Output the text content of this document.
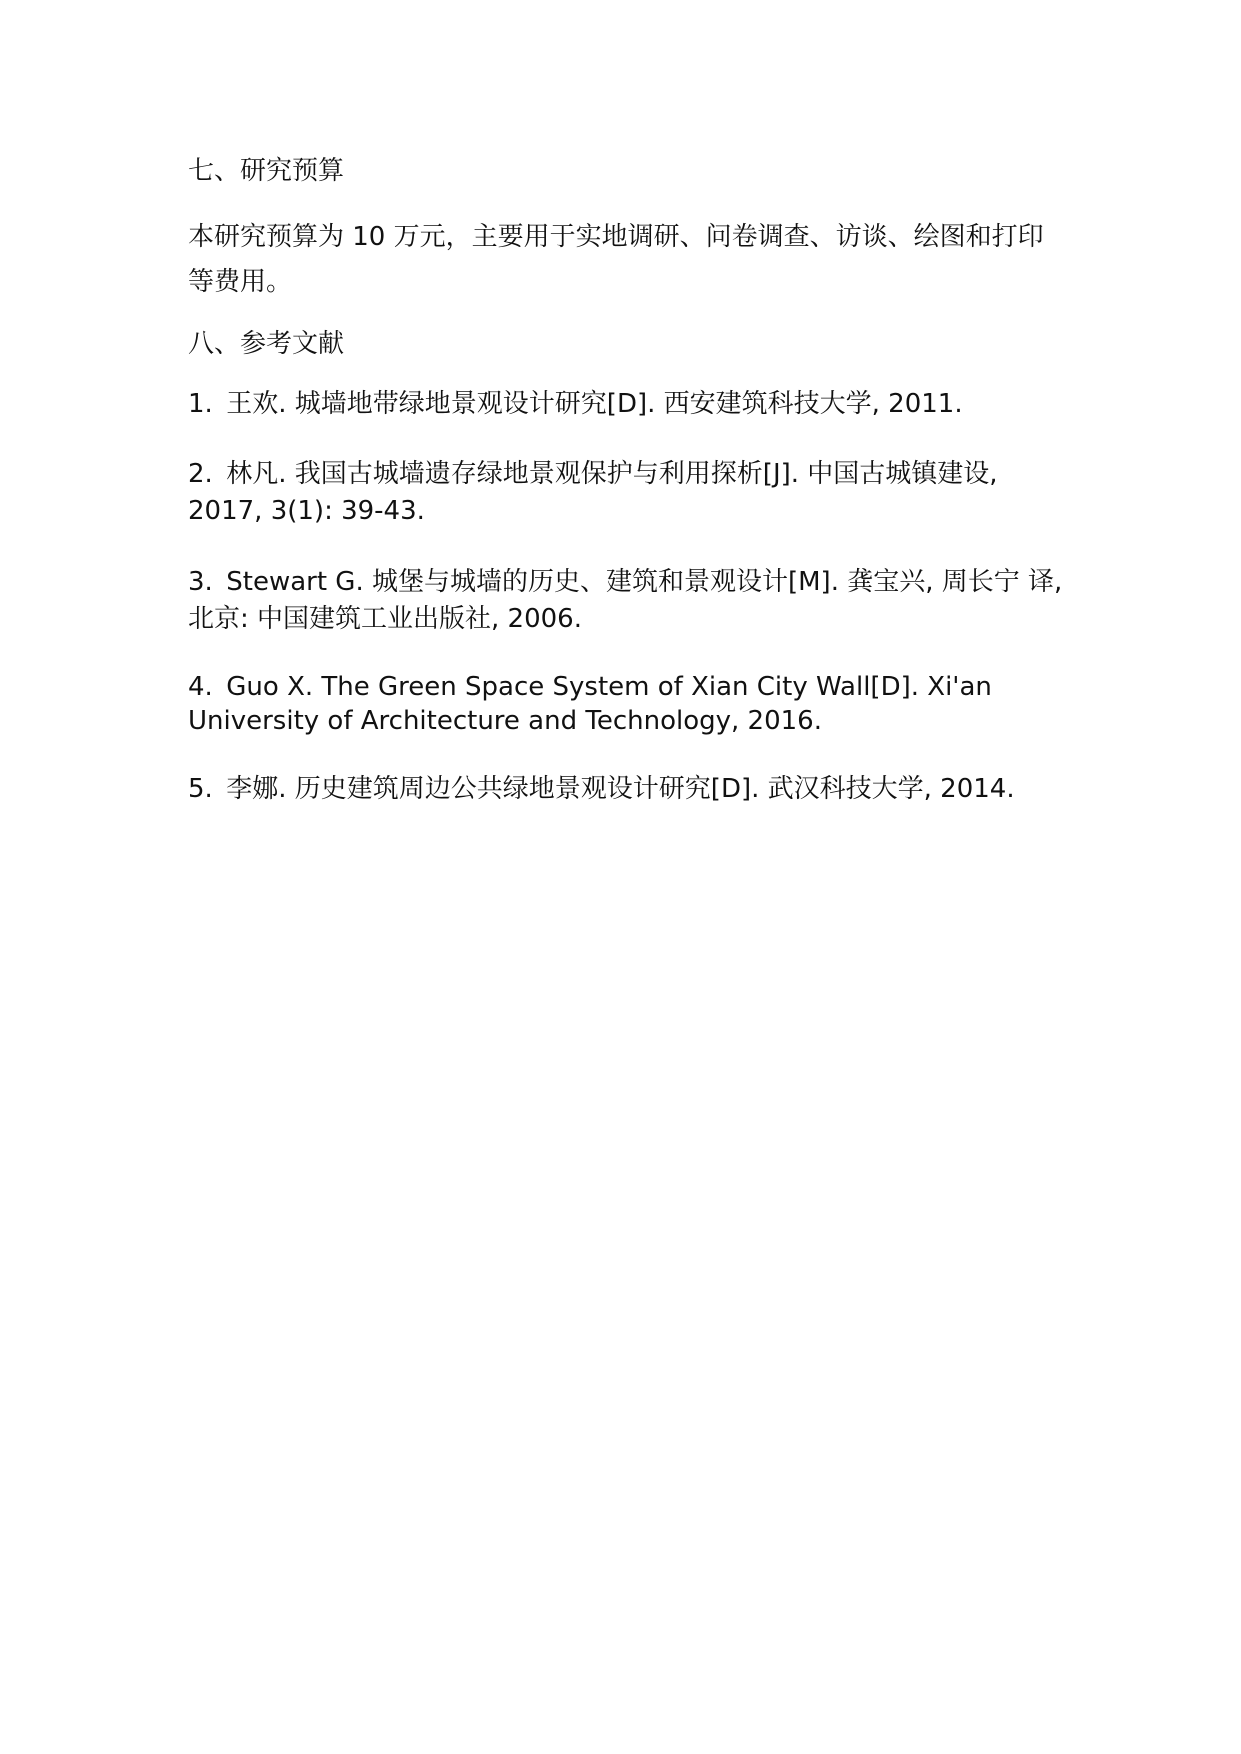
七、研究预算

本研究预算为 10 万元，主要用于实地调研、问卷调查、访谈、绘图和打印等费用。

八、参考文献
1. 王欢. 城墙地带绿地景观设计研究[D]. 西安建筑科技大学, 2011.
2. 林凡. 我国古城墙遗存绿地景观保护与利用探析[J]. 中国古城镇建设, 2017, 3(1): 39-43.
3. Stewart G. 城堡与城墙的历史、建筑和景观设计[M]. 龚宝兴, 周长宁 译, 北京: 中国建筑工业出版社, 2006.
4. Guo X. The Green Space System of Xian City Wall[D]. Xi'an University of Architecture and Technology, 2016.
5. 李娜. 历史建筑周边公共绿地景观设计研究[D]. 武汉科技大学, 2014.
